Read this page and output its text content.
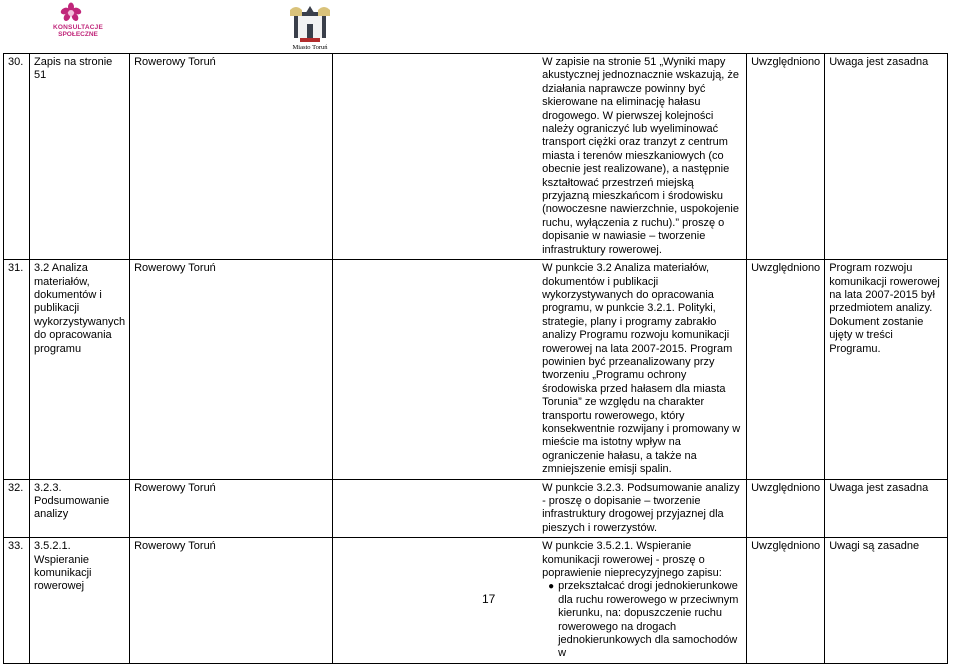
KONSULTACJE
SPOŁECZNE
Miasto Toruń
30.	Zapis na stronie 51	Rowerowy Toruń	W zapisie na stronie 51 „Wyniki mapy akustycznej jednoznacznie wskazują, że działania naprawcze powinny być skierowane na eliminację hałasu drogowego. W pierwszej kolejności należy ograniczyć lub wyeliminować transport ciężki oraz tranzyt z centrum miasta i terenów mieszkaniowych (co obecnie jest realizowane), a następnie kształtować przestrzeń miejską przyjazną mieszkańcom i środowisku (nowoczesne nawierzchnie, uspokojenie ruchu, wyłączenia z ruchu).” proszę o dopisanie w nawiasie – tworzenie infrastruktury rowerowej.	Uwzględniono	Uwaga jest zasadna

31.	3.2 Analiza materiałów, dokumentów i publikacji wykorzystywanych do opracowania programu	Rowerowy Toruń	W punkcie 3.2 Analiza materiałów, dokumentów i publikacji wykorzystywanych do opracowania programu, w punkcie 3.2.1. Polityki, strategie, plany i programy zabrakło analizy Programu rozwoju komunikacji rowerowej na lata 2007-2015. Program powinien być przeanalizowany przy tworzeniu „Programu ochrony środowiska przed hałasem dla miasta Torunia” ze względu na charakter transportu rowerowego, który konsekwentnie rozwijany i promowany w mieście ma istotny wpływ na ograniczenie hałasu, a także na zmniejszenie emisji spalin.	Uwzględniono	Program rozwoju komunikacji rowerowej na lata 2007-2015 był przedmiotem analizy. Dokument zostanie ujęty w treści Programu.

32.	3.2.3. Podsumowanie analizy	Rowerowy Toruń	W punkcie 3.2.3. Podsumowanie analizy - proszę o dopisanie – tworzenie infrastruktury drogowej przyjaznej dla pieszych i rowerzystów.	Uwzględniono	Uwaga jest zasadna

33.	3.5.2.1. Wspieranie komunikacji rowerowej	Rowerowy Toruń	W punkcie 3.5.2.1. Wspieranie komunikacji rowerowej - proszę o poprawienie nieprecyzyjnego zapisu:
● przekształcać drogi jednokierunkowe dla ruchu rowerowego w przeciwnym kierunku, na: dopuszczenie ruchu rowerowego na drogach jednokierunkowych dla samochodów w	Uwzględniono	Uwagi są zasadne
17
